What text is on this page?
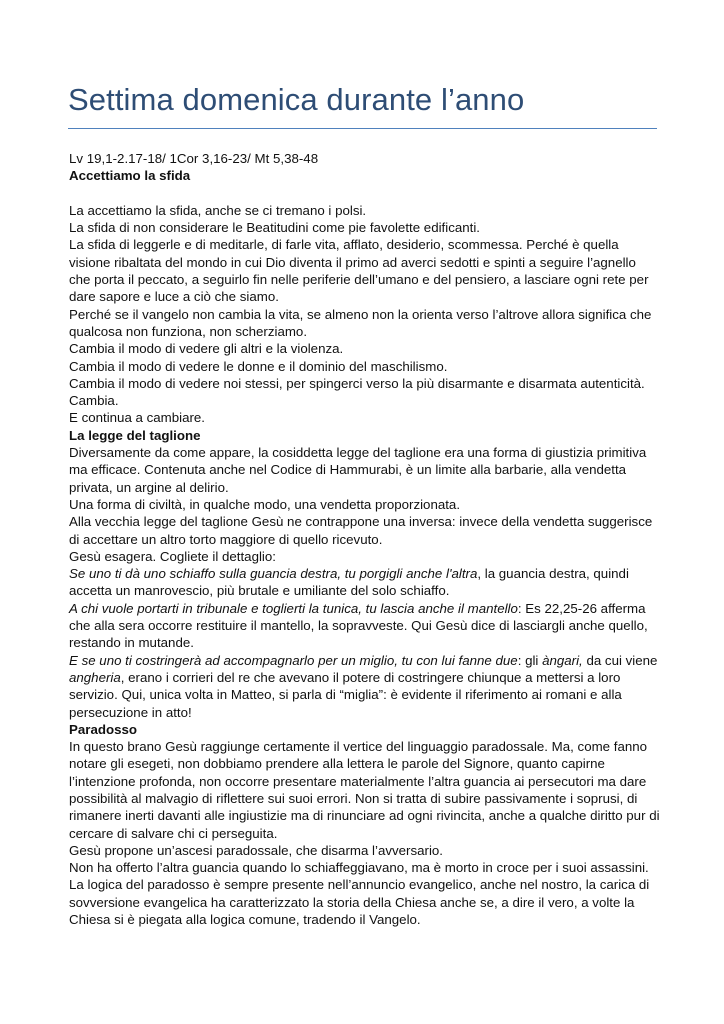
Settima domenica durante l’anno

Lv 19,1-2.17-18/ 1Cor 3,16-23/ Mt 5,38-48

Accettiamo la sfida

La accettiamo la sfida, anche se ci tremano i polsi.

La sfida di non considerare le Beatitudini come pie favolette edificanti.

La sfida di leggerle e di meditarle, di farle vita, afflato, desiderio, scommessa. Perché è quella visione ribaltata del mondo in cui Dio diventa il primo ad averci sedotti e spinti a seguire l’agnello che porta il peccato, a seguirlo fin nelle periferie dell’umano e del pensiero, a lasciare ogni rete per dare sapore e luce a ciò che siamo.

Perché se il vangelo non cambia la vita, se almeno non la orienta verso l’altrove allora significa che qualcosa non funziona, non scherziamo.

Cambia il modo di vedere gli altri e la violenza.

Cambia il modo di vedere le donne e il dominio del maschilismo.

Cambia il modo di vedere noi stessi, per spingerci verso la più disarmante e disarmata autenticità.

Cambia.

E continua a cambiare.

La legge del taglione

Diversamente da come appare, la cosiddetta legge del taglione era una forma di giustizia primitiva ma efficace. Contenuta anche nel Codice di Hammurabi, è un limite alla barbarie, alla vendetta privata, un argine al delirio.

Una forma di civiltà, in qualche modo, una vendetta proporzionata.

Alla vecchia legge del taglione Gesù ne contrappone una inversa: invece della vendetta suggerisce di accettare un altro torto maggiore di quello ricevuto.

Gesù esagera. Cogliete il dettaglio:

Se uno ti dà uno schiaffo sulla guancia destra, tu porgigli anche l'altra, la guancia destra, quindi accetta un manrovescio, più brutale e umiliante del solo schiaffo.

A chi vuole portarti in tribunale e toglierti la tunica, tu lascia anche il mantello: Es 22,25-26 afferma che alla sera occorre restituire il mantello, la sopravveste. Qui Gesù dice di lasciargli anche quello, restando in mutande.

E se uno ti costringerà ad accompagnarlo per un miglio, tu con lui fanne due: gli àngari, da cui viene angheria, erano i corrieri del re che avevano il potere di costringere chiunque a mettersi a loro servizio. Qui, unica volta in Matteo, si parla di “miglia”: è evidente il riferimento ai romani e alla persecuzione in atto!

Paradosso

In questo brano Gesù raggiunge certamente il vertice del linguaggio paradossale. Ma, come fanno notare gli esegeti, non dobbiamo prendere alla lettera le parole del Signore, quanto capirne l’intenzione profonda, non occorre presentare materialmente l’altra guancia ai persecutori ma dare possibilità al malvagio di riflettere sui suoi errori. Non si tratta di subire passivamente i soprusi, di rimanere inerti davanti alle ingiustizie ma di rinunciare ad ogni rivincita, anche a qualche diritto pur di cercare di salvare chi ci perseguita.

Gesù propone un’ascesi paradossale, che disarma l’avversario.

Non ha offerto l’altra guancia quando lo schiaffeggiavano, ma è morto in croce per i suoi assassini.

La logica del paradosso è sempre presente nell’annuncio evangelico, anche nel nostro, la carica di sovversione evangelica ha caratterizzato la storia della Chiesa anche se, a dire il vero, a volte la Chiesa si è piegata alla logica comune, tradendo il Vangelo.
